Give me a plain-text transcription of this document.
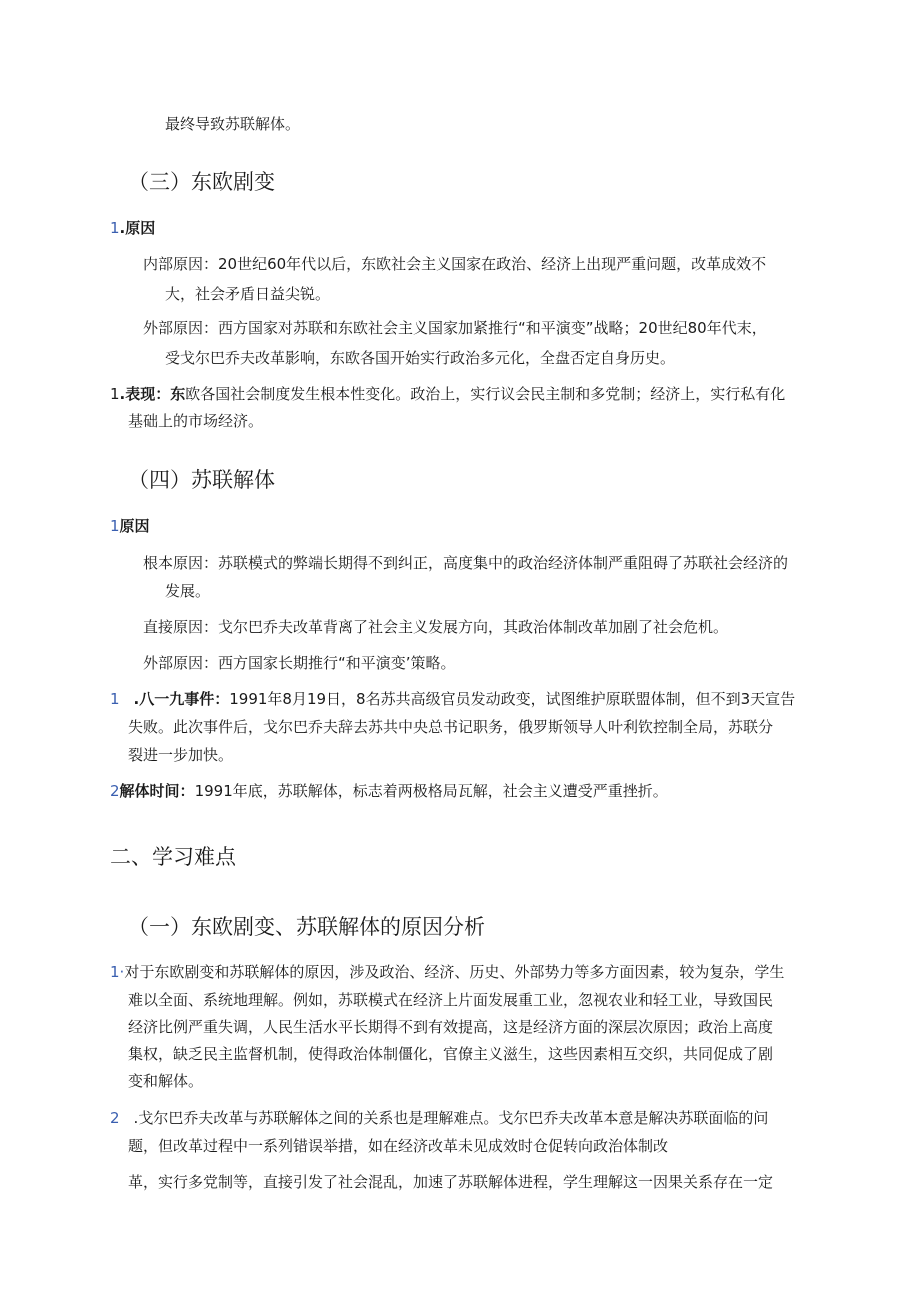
最终导致苏联解体。
（三）东欧剧变
1.原因
内部原因：20世纪60年代以后，东欧社会主义国家在政治、经济上出现严重问题，改革成效不
大，社会矛盾日益尖锐。
外部原因：西方国家对苏联和东欧社会主义国家加紧推行“和平演变”战略；20世纪80年代末，
受戈尔巴乔夫改革影响，东欧各国开始实行政治多元化，全盘否定自身历史。
1.表现：东欧各国社会制度发生根本性变化。政治上，实行议会民主制和多党制；经济上，实行私有化
基础上的市场经济。
（四）苏联解体
1原因
根本原因：苏联模式的弊端长期得不到纠正，高度集中的政治经济体制严重阻碍了苏联社会经济的
发展。
直接原因：戈尔巴乔夫改革背离了社会主义发展方向，其政治体制改革加剧了社会危机。
外部原因：西方国家长期推行“和平演变’策略。
1 .八一九事件：1991年8月19日，8名苏共高级官员发动政变，试图维护原联盟体制，但不到3天宣告
失败。此次事件后，戈尔巴乔夫辞去苏共中央总书记职务，俄罗斯领导人叶利钦控制全局，苏联分
裂进一步加快。
2解体时间：1991年底，苏联解体，标志着两极格局瓦解，社会主义遭受严重挫折。
二、学习难点
（一）东欧剧变、苏联解体的原因分析
1·对于东欧剧变和苏联解体的原因，涉及政治、经济、历史、外部势力等多方面因素，较为复杂，学生
难以全面、系统地理解。例如，苏联模式在经济上片面发展重工业，忽视农业和轻工业，导致国民
经济比例严重失调，人民生活水平长期得不到有效提高，这是经济方面的深层次原因；政治上高度
集权，缺乏民主监督机制，使得政治体制僵化，官僚主义滋生，这些因素相互交织，共同促成了剧
变和解体。
2 .戈尔巴乔夫改革与苏联解体之间的关系也是理解难点。戈尔巴乔夫改革本意是解决苏联面临的问
题，但改革过程中一系列错误举措，如在经济改革未见成效时仓促转向政治体制改
革，实行多党制等，直接引发了社会混乱，加速了苏联解体进程，学生理解这一因果关系存在一定
